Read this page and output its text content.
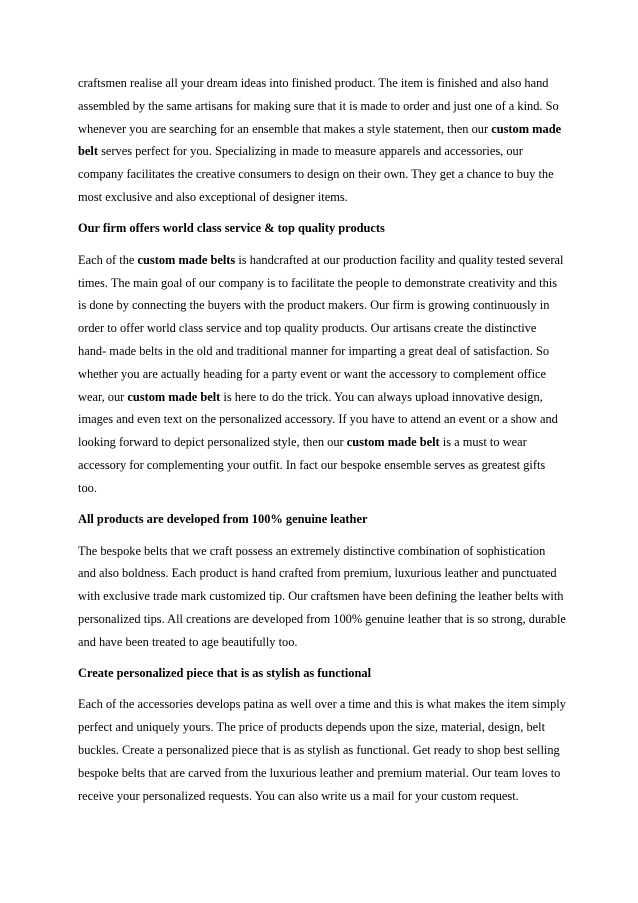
craftsmen realise all your dream ideas into finished product. The item is finished and also hand assembled by the same artisans for making sure that it is made to order and just one of a kind. So whenever you are searching for an ensemble that makes a style statement, then our custom made belt serves perfect for you. Specializing in made to measure apparels and accessories, our company facilitates the creative consumers to design on their own. They get a chance to buy the most exclusive and also exceptional of designer items.

Our firm offers world class service & top quality products

Each of the custom made belts is handcrafted at our production facility and quality tested several times. The main goal of our company is to facilitate the people to demonstrate creativity and this is done by connecting the buyers with the product makers. Our firm is growing continuously in order to offer world class service and top quality products. Our artisans create the distinctive hand- made belts in the old and traditional manner for imparting a great deal of satisfaction. So whether you are actually heading for a party event or want the accessory to complement office wear, our custom made belt is here to do the trick. You can always upload innovative design, images and even text on the personalized accessory. If you have to attend an event or a show and looking forward to depict personalized style, then our custom made belt is a must to wear accessory for complementing your outfit. In fact our bespoke ensemble serves as greatest gifts too.

All products are developed from 100% genuine leather

The bespoke belts that we craft possess an extremely distinctive combination of sophistication and also boldness. Each product is hand crafted from premium, luxurious leather and punctuated with exclusive trade mark customized tip. Our craftsmen have been defining the leather belts with personalized tips. All creations are developed from 100% genuine leather that is so strong, durable and have been treated to age beautifully too.

Create personalized piece that is as stylish as functional

Each of the accessories develops patina as well over a time and this is what makes the item simply perfect and uniquely yours. The price of products depends upon the size, material, design, belt buckles. Create a personalized piece that is as stylish as functional. Get ready to shop best selling bespoke belts that are carved from the luxurious leather and premium material. Our team loves to receive your personalized requests. You can also write us a mail for your custom request.
